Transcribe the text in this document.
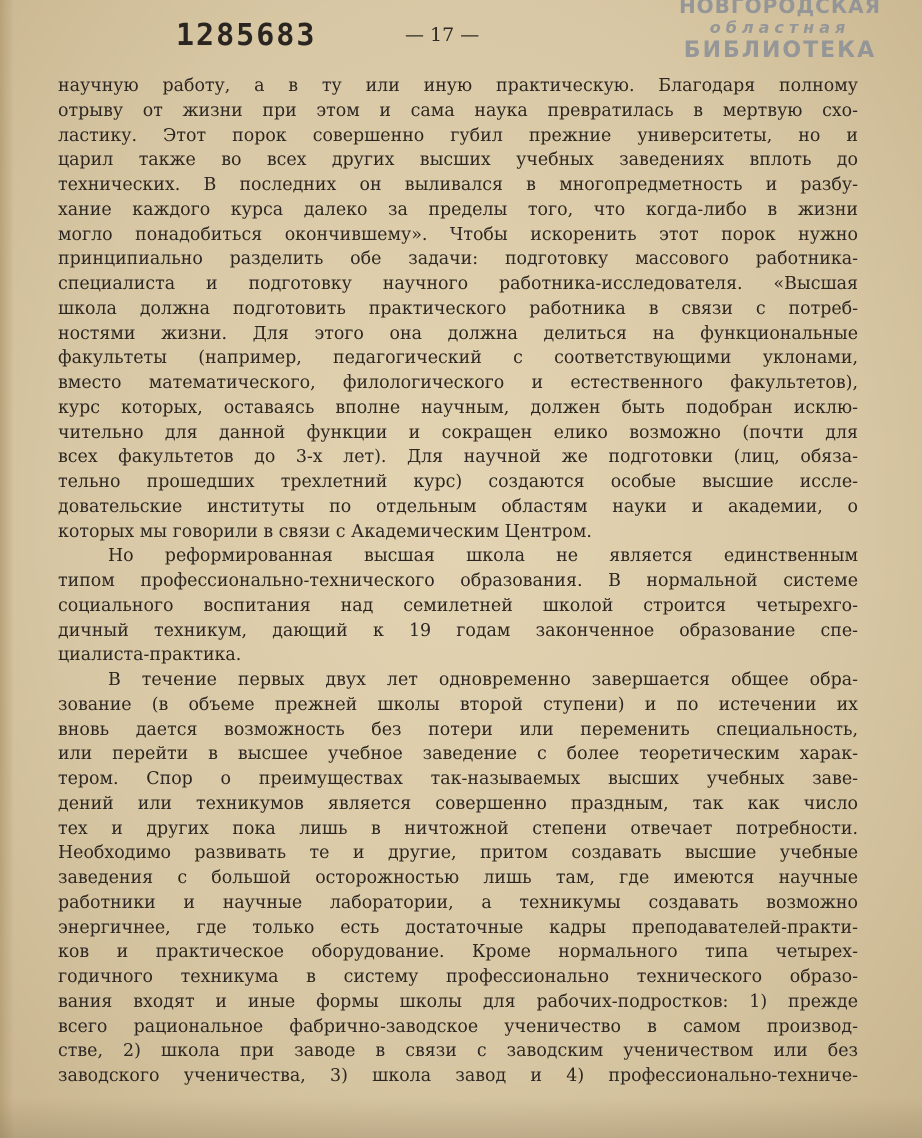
1285683	— 17 —
НОВГОРОДСКАЯ
областная
БИБЛИОТЕКА
научную работу, а в ту или иную практическую. Благодаря полному
отрыву от жизни при этом и сама наука превратилась в мертвую схо-
ластику. Этот порок совершенно губил прежние университеты, но и
царил также во всех других высших учебных заведениях вплоть до
технических. В последних он выливался в многопредметность и разбу-
хание каждого курса далеко за пределы того, что когда-либо в жизни
могло понадобиться окончившему». Чтобы искоренить этот порок нужно
принципиально разделить обе задачи: подготовку массового работника-
специалиста и подготовку научного работника-исследователя. «Высшая
школа должна подготовить практического работника в связи с потреб-
ностями жизни. Для этого она должна делиться на функциональные
факультеты (например, педагогический с соответствующими уклонами,
вместо математического, филологического и естественного факультетов),
курс которых, оставаясь вполне научным, должен быть подобран исклю-
чительно для данной функции и сокращен елико возможно (почти для
всех факультетов до 3-х лет). Для научной же подготовки (лиц, обяза-
тельно прошедших трехлетний курс) создаются особые высшие иссле-
довательские институты по отдельным областям науки и академии, о
которых мы говорили в связи с Академическим Центром.
Но реформированная высшая школа не является единственным
типом профессионально-технического образования. В нормальной системе
социального воспитания над семилетней школой строится четырехго-
дичный техникум, дающий к 19 годам законченное образование спе-
циалиста-практика.
В течение первых двух лет одновременно завершается общее обра-
зование (в объеме прежней школы второй ступени) и по истечении их
вновь дается возможность без потери или переменить специальность,
или перейти в высшее учебное заведение с более теоретическим харак-
тером. Спор о преимуществах так-называемых высших учебных заве-
дений или техникумов является совершенно праздным, так как число
тех и других пока лишь в ничтожной степени отвечает потребности.
Необходимо развивать те и другие, притом создавать высшие учебные
заведения с большой осторожностью лишь там, где имеются научные
работники и научные лаборатории, а техникумы создавать возможно
энергичнее, где только есть достаточные кадры преподавателей-практи-
ков и практическое оборудование. Кроме нормального типа четырех-
годичного техникума в систему профессионально технического образо-
вания входят и иные формы школы для рабочих-подростков: 1) прежде
всего рациональное фабрично-заводское ученичество в самом производ-
стве, 2) школа при заводе в связи с заводским ученичеством или без
заводского ученичества, 3) школа завод и 4) профессионально-техниче-
